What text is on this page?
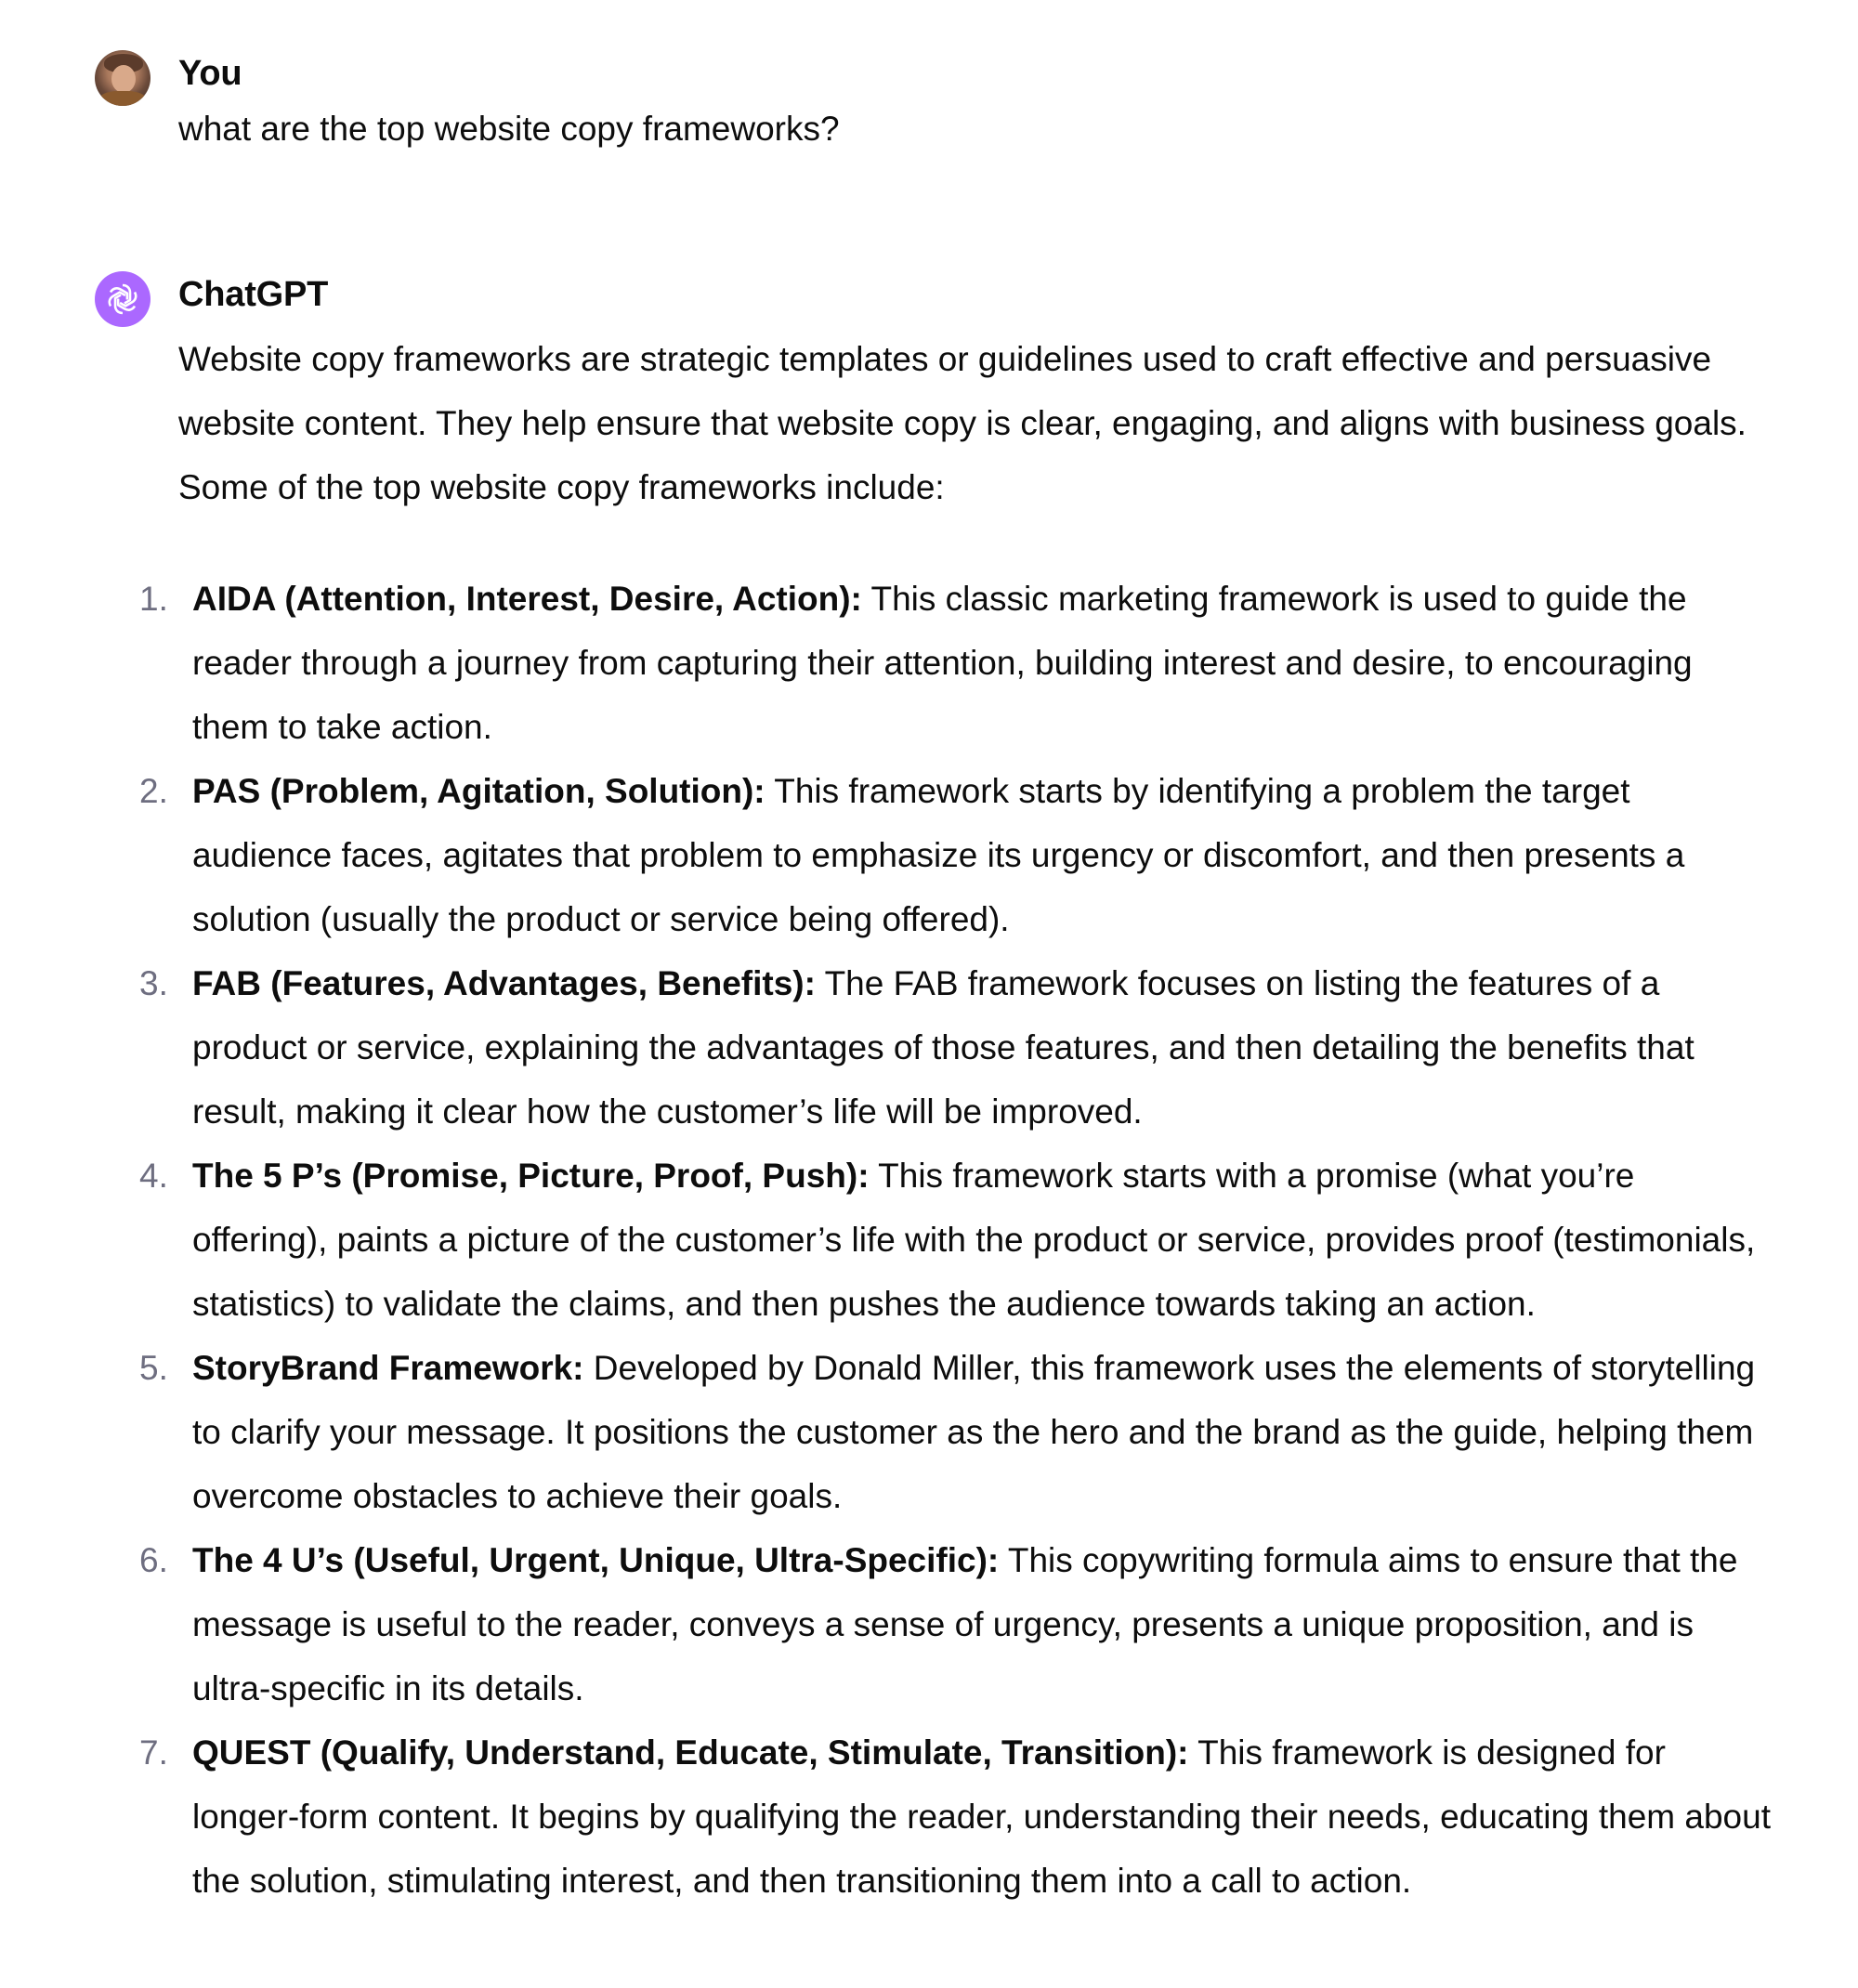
You
what are the top website copy frameworks?
ChatGPT
Website copy frameworks are strategic templates or guidelines used to craft effective and persuasive website content. They help ensure that website copy is clear, engaging, and aligns with business goals. Some of the top website copy frameworks include:
1. AIDA (Attention, Interest, Desire, Action): This classic marketing framework is used to guide the reader through a journey from capturing their attention, building interest and desire, to encouraging them to take action.
2. PAS (Problem, Agitation, Solution): This framework starts by identifying a problem the target audience faces, agitates that problem to emphasize its urgency or discomfort, and then presents a solution (usually the product or service being offered).
3. FAB (Features, Advantages, Benefits): The FAB framework focuses on listing the features of a product or service, explaining the advantages of those features, and then detailing the benefits that result, making it clear how the customer’s life will be improved.
4. The 5 P’s (Promise, Picture, Proof, Push): This framework starts with a promise (what you’re offering), paints a picture of the customer’s life with the product or service, provides proof (testimonials, statistics) to validate the claims, and then pushes the audience towards taking an action.
5. StoryBrand Framework: Developed by Donald Miller, this framework uses the elements of storytelling to clarify your message. It positions the customer as the hero and the brand as the guide, helping them overcome obstacles to achieve their goals.
6. The 4 U’s (Useful, Urgent, Unique, Ultra-Specific): This copywriting formula aims to ensure that the message is useful to the reader, conveys a sense of urgency, presents a unique proposition, and is ultra-specific in its details.
7. QUEST (Qualify, Understand, Educate, Stimulate, Transition): This framework is designed for longer-form content. It begins by qualifying the reader, understanding their needs, educating them about the solution, stimulating interest, and then transitioning them into a call to action.
